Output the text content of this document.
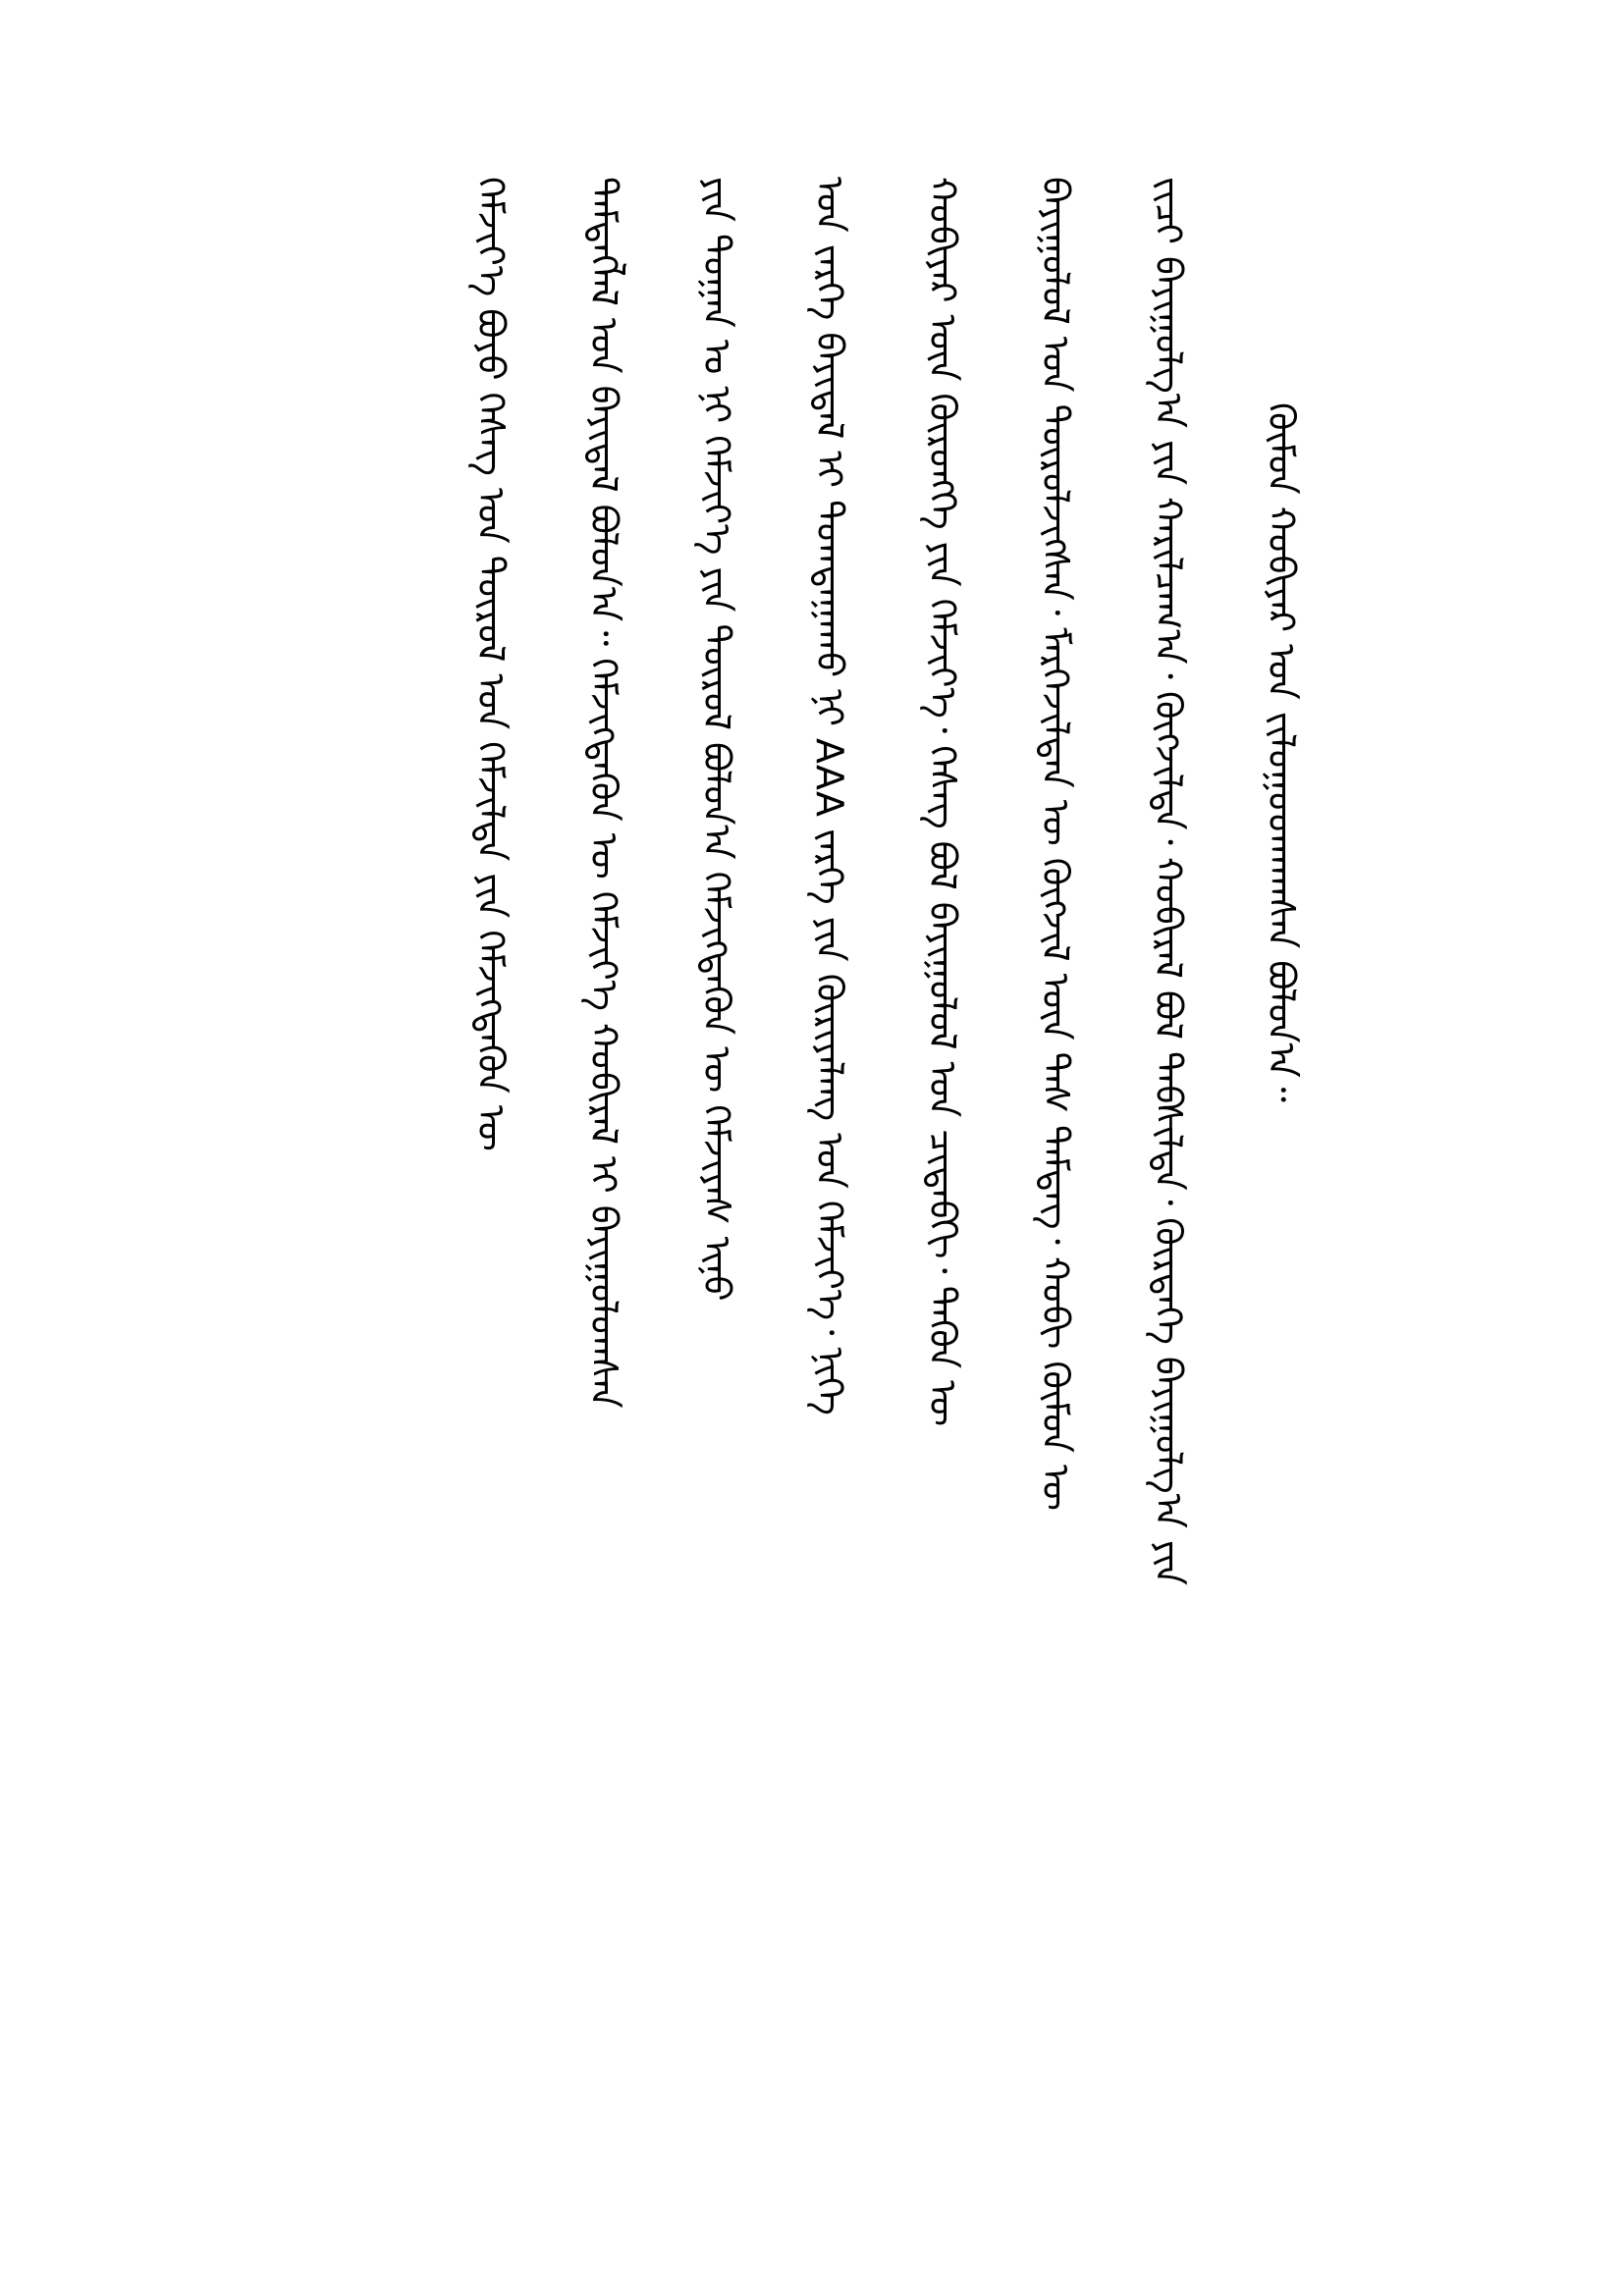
ᠬᠦᠮᠦᠨ ᠬᠤᠪᠢᠶᠠᠷ ᠤᠨ ᠵᠢᠯᠤᠭᠤᠳᠬᠠᠭᠰᠠᠨ ᠪᠣᠯᠤᠨ᠎ᠠ᠃
ᠵᠢᠴᠢ ᠪᠠᠶᠢᠭᠤᠯᠭ᠎ᠠ ᠶᠢᠨ ᠬᠠᠷᠢᠯᠴᠠᠭ᠎ᠠ᠂ ᠬᠦᠭᠵᠢᠯᠲᠡ᠂ ᠬᠤᠪᠢᠷᠠᠯ ᠪᠣᠯ ᠳᠡᠪᠰᠢᠯᠲᠡ᠂ ᠬᠦᠷᠲᠡᠭᠡ ᠪᠠᠶᠢᠭᠤᠯᠭ᠎ᠠ ᠶᠢᠨ
ᠪᠠᠶᠢᠭᠤᠯᠤᠯ ᠤᠨ ᠲᠥᠷᠦᠯᠵᠢᠭᠰᠡᠨ᠂ ᠮᠡᠷᠭᠡᠵᠢᠯᠲᠡᠨ ᠦ ᠬᠥᠭᠵᠢᠯ ᠦᠨ ᠳᠡᠰ ᠲᠡᠮᠳᠡᠭ᠂ ᠬᠤᠪᠢ ᠬᠥᠮᠥᠨ ᠦ
ᠬᠤᠪᠢᠶᠠᠷ ᠦᠨ ᠬᠥᠷᠥᠩᠭᠡ ᠶᠢᠨ ᠬᠡᠮᠵᠢᠶ᠎ᠡ᠂ ᠬᠡᠰᠡᠭ ᠪᠣᠯ ᠪᠠᠶᠢᠭᠤᠯᠤᠯ ᠤᠨ ᠴᠢᠳᠠᠪᠬᠢ᠂ ᠲᠡᠭᠦᠨ ᠦ
ᠤᠨ ᠵᠡᠷᠭᠡ ᠪᠠᠶᠢᠳᠠᠯ ᠢ ᠲᠣᠭᠲᠠᠭᠠᠬᠤ ᠨᠢ AAA ᠵᠡᠷᠭᠡ ᠶᠢᠨ ᠬᠦᠷᠢᠶᠡᠯᠡᠩ ᠤᠨ ᠬᠡᠮᠵᠢᠶ᠎ᠡ᠂ ᠨᠢᠭᠡ
ᠶᠢᠨ ᠲᠣᠭᠠᠨ ᠤ ᠨᠢ ᠬᠡᠮᠵᠢᠶ᠎ᠡ ᠶᠢᠨ ᠲᠥᠷᠦᠯ ᠪᠣᠯᠣᠨ᠎ᠠ ᠬᠡᠮᠵᠢᠭᠳᠡᠬᠦᠨ ᠦ ᠬᠡᠮᠵᠢᠶᠡᠰ ᠢᠨᠦ
ᠲᠡᠮᠳᠡᠭᠯᠡᠯ ᠤᠨ ᠪᠠᠶᠢᠳᠠᠯ ᠪᠣᠯᠤᠨ᠎ᠠ᠃ ᠬᠡᠮᠵᠢᠭᠳᠡᠬᠦᠨ ᠦ ᠬᠡᠮᠵᠢᠶ᠎ᠡ ᠬᠤᠪᠢᠷᠠᠯ ᠢ ᠪᠠᠶᠢᠭᠤᠯᠤᠭᠰᠠᠨ
ᠬᠡᠮᠵᠢᠶ᠎ᠡ ᠪᠤᠶᠤ ᠬᠡᠰᠡᠭ ᠤᠨ ᠲᠥᠷᠦᠯ ᠤᠨ ᠬᠡᠮᠵᠢᠯᠲᠡ ᠶᠢᠨ ᠬᠡᠮᠵᠢᠭᠳᠡᠬᠦᠨ ᠦ
